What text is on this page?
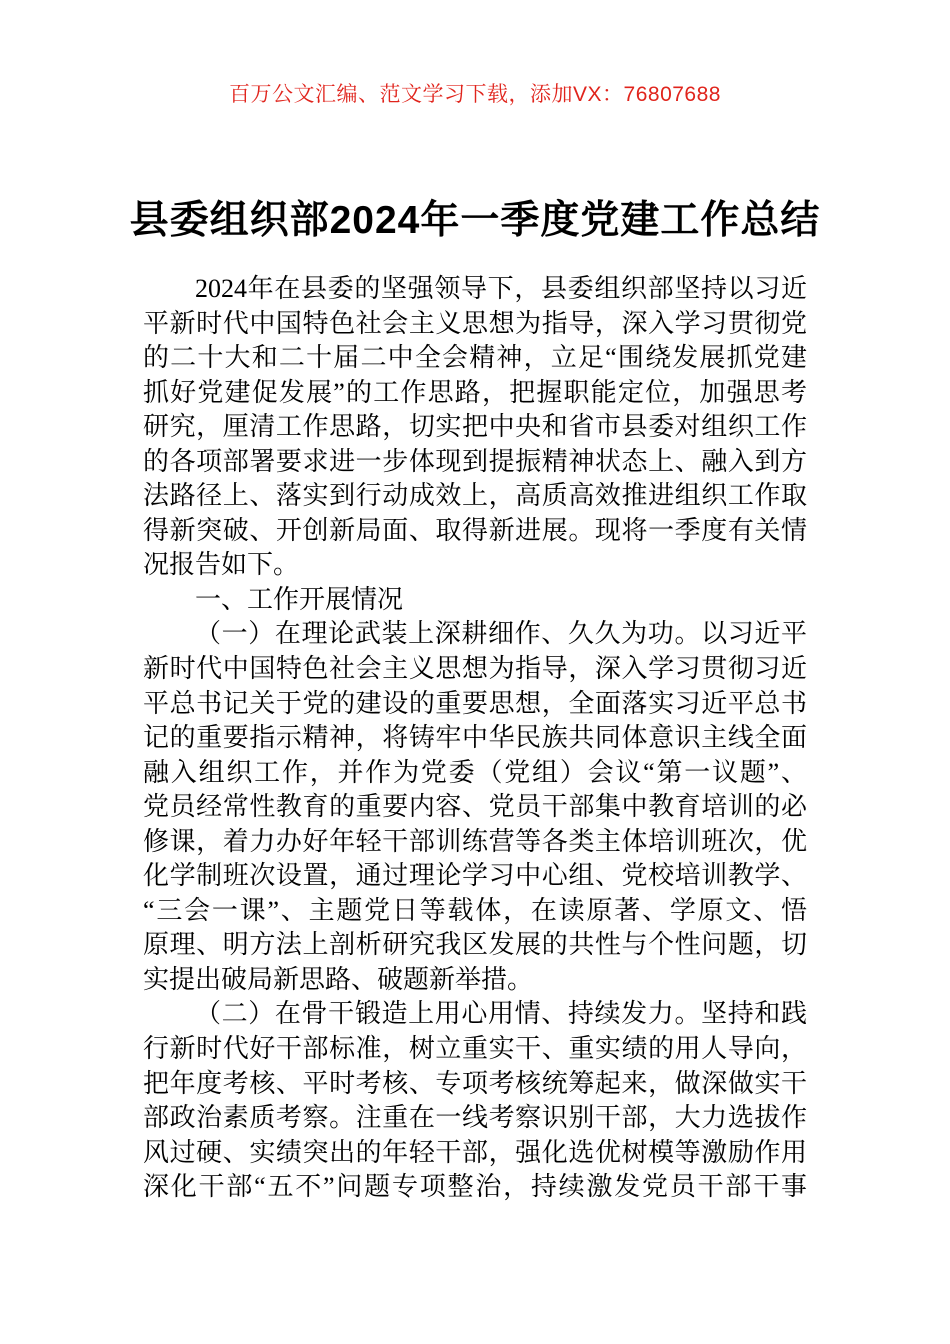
百万公文汇编、范文学习下载，添加VX：76807688
县委组织部2024年一季度党建工作总结
2024年在县委的坚强领导下，县委组织部坚持以习近
平新时代中国特色社会主义思想为指导，深入学习贯彻党
的二十大和二十届二中全会精神，立足“围绕发展抓党建
抓好党建促发展”的工作思路，把握职能定位，加强思考
研究，厘清工作思路，切实把中央和省市县委对组织工作
的各项部署要求进一步体现到提振精神状态上、融入到方
法路径上、落实到行动成效上，高质高效推进组织工作取
得新突破、开创新局面、取得新进展。现将一季度有关情
况报告如下。
一、工作开展情况
（一）在理论武装上深耕细作、久久为功。以习近平
新时代中国特色社会主义思想为指导，深入学习贯彻习近
平总书记关于党的建设的重要思想，全面落实习近平总书
记的重要指示精神，将铸牢中华民族共同体意识主线全面
融入组织工作，并作为党委（党组）会议“第一议题”、
党员经常性教育的重要内容、党员干部集中教育培训的必
修课，着力办好年轻干部训练营等各类主体培训班次，优
化学制班次设置，通过理论学习中心组、党校培训教学、
“三会一课”、主题党日等载体，在读原著、学原文、悟
原理、明方法上剖析研究我区发展的共性与个性问题，切
实提出破局新思路、破题新举措。
（二）在骨干锻造上用心用情、持续发力。坚持和践
行新时代好干部标准，树立重实干、重实绩的用人导向，
把年度考核、平时考核、专项考核统筹起来，做深做实干
部政治素质考察。注重在一线考察识别干部，大力选拔作
风过硬、实绩突出的年轻干部，强化选优树模等激励作用
深化干部“五不”问题专项整治，持续激发党员干部干事
